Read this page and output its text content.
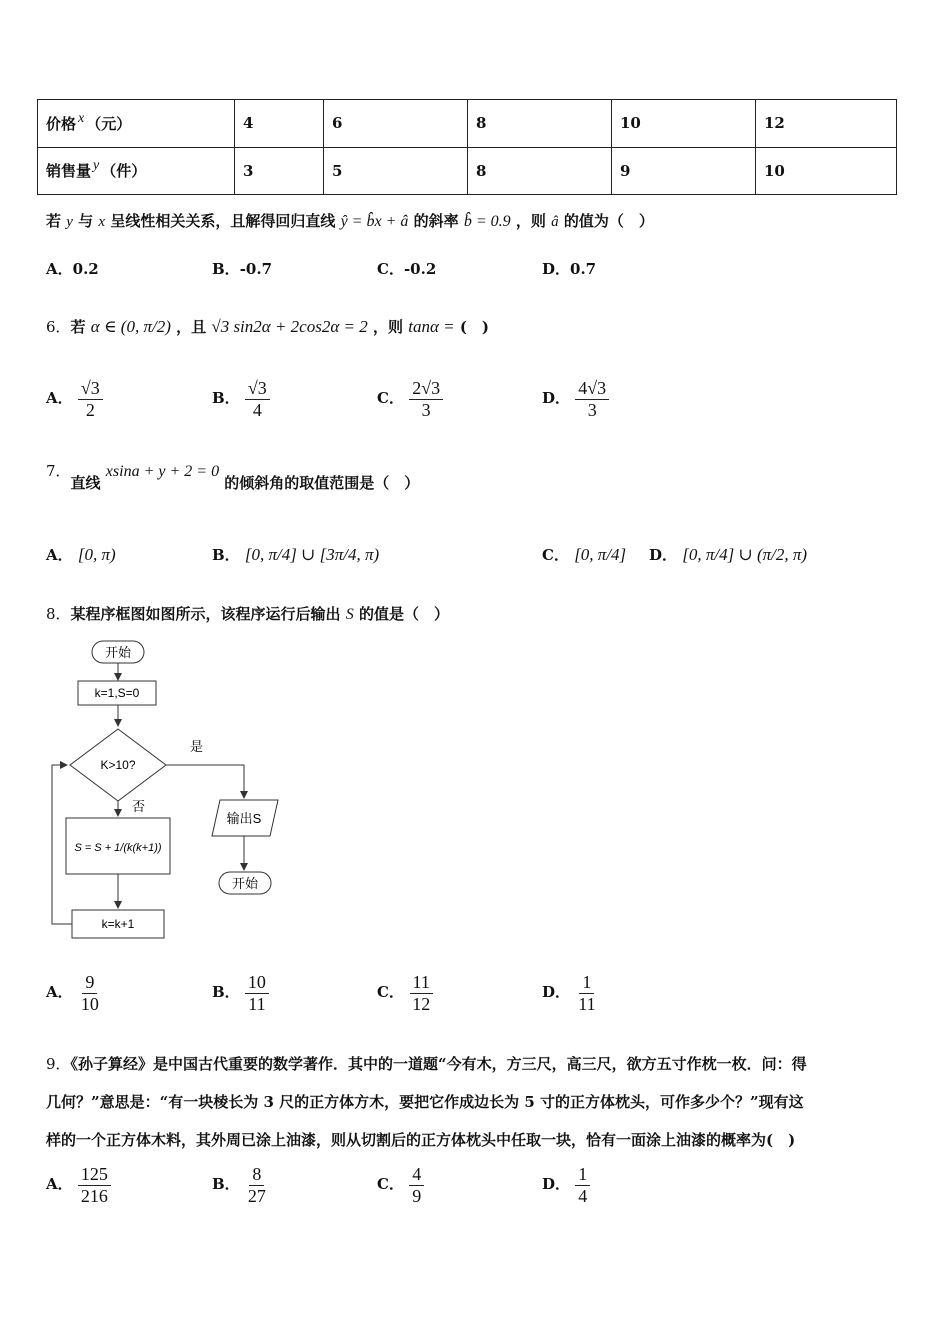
价格 x （元）	4	6	8	10	12
销售量 y （件）	3	5	8	9	10
若 y 与 x 呈线性相关关系，且解得回归直线 ŷ = b̂x + â 的斜率 b̂ = 0.9 ，则 â 的值为（　）
A．0.2	B．-0.7	C．-0.2	D．0.7
6．若 α ∈ (0, π/2) ，且 √3 sin2α + 2cos2α = 2 ，则 tanα = (　)
A． $\frac{√3}{2}$	B． $\frac{√3}{4}$	C． $\frac{2√3}{3}$	D． $\frac{4√3}{3}$
7．直线 xsina + y + 2 = 0 的倾斜角的取值范围是（　）
A． [0, π)	B． [0, π/4] ∪ [3π/4, π)	C． [0, π/4] D． [0, π/4] ∪ (π/2, π)
8．某程序框图如图所示，该程序运行后输出 S 的值是（　）
开始
k=1,S=0
K>10?
是
否
S = S + 1/(k(k+1))
k=k+1
输出S
开始
A． $\frac{9}{10}$	B． $\frac{10}{11}$	C． $\frac{11}{12}$	D． $\frac{1}{11}$
9．《孙子算经》是中国古代重要的数学著作．其中的一道题“今有木，方三尺，高三尺，欲方五寸作枕一枚．问：得
几何？”意思是：“有一块棱长为 3 尺的正方体方木，要把它作成边长为 5 寸的正方体枕头，可作多少个？”现有这
样的一个正方体木料，其外周已涂上油漆，则从切割后的正方体枕头中任取一块，恰有一面涂上油漆的概率为(　)
A． $\frac{125}{216}$	B． $\frac{8}{27}$	C． $\frac{4}{9}$	D． $\frac{1}{4}$
